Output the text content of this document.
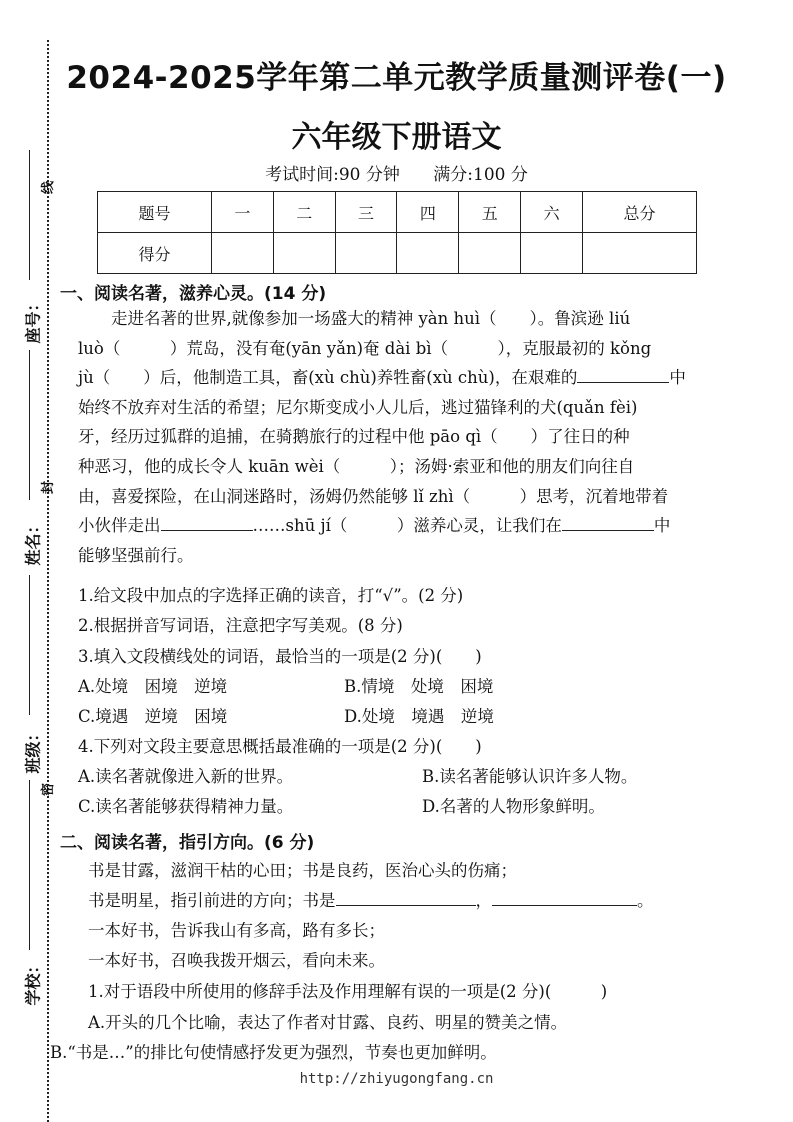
座号：
姓名：
班级：
学校：
线
封
密
2024-2025学年第二单元教学质量测评卷(一)
六年级下册语文
考试时间:90 分钟 满分:100 分
题号	一	二	三	四	五	六	总分
得分							
一、阅读名著，滋养心灵。(14 分)

走进名著的世界,就像参加一场盛大的精神 yàn huì（　　）。鲁滨逊 liú

luò（　　　）荒岛，没有奄(yān yǎn)奄 dài bì（　　　），克服最初的 kǒng

jù（　　）后，他制造工具，畜(xù chù)养牲畜(xù chù)，在艰难的	中

始终不放弃对生活的希望；尼尔斯变成小人儿后，逃过猫锋利的犬(quǎn fèi)

牙，经历过狐群的追捕，在骑鹅旅行的过程中他 pāo qì（　　）了往日的种

种恶习，他的成长令人 kuān wèi（　　　）；汤姆·索亚和他的朋友们向往自

由，喜爱探险，在山洞迷路时，汤姆仍然能够 lǐ zhì（　　　）思考，沉着地带着

小伙伴走出	……shū jí（　　　）滋养心灵，让我们在	中

能够坚强前行。

1.给文段中加点的字选择正确的读音，打“√”。(2 分)
2.根据拼音写词语，注意把字写美观。(8 分)
3.填入文段横线处的词语，最恰当的一项是(2 分)(　　)
A.处境　困境　逆境	B.情境　处境　困境
C.境遇　逆境　困境	D.处境　境遇　逆境
4.下列对文段主要意思概括最准确的一项是(2 分)(　　)
A.读名著就像进入新的世界。	B.读名著能够认识许多人物。
C.读名著能够获得精神力量。	D.名著的人物形象鲜明。
二、阅读名著，指引方向。(6 分)
书是甘露，滋润干枯的心田；书是良药，医治心头的伤痛；
书是明星，指引前进的方向；书是	，	。
一本好书，告诉我山有多高，路有多长；
一本好书，召唤我拨开烟云，看向未来。
1.对于语段中所使用的修辞手法及作用理解有误的一项是(2 分)(　　　)
A.开头的几个比喻，表达了作者对甘露、良药、明星的赞美之情。
B.“书是…”的排比句使情感抒发更为强烈，节奏也更加鲜明。
http://zhiyugongfang.cn
